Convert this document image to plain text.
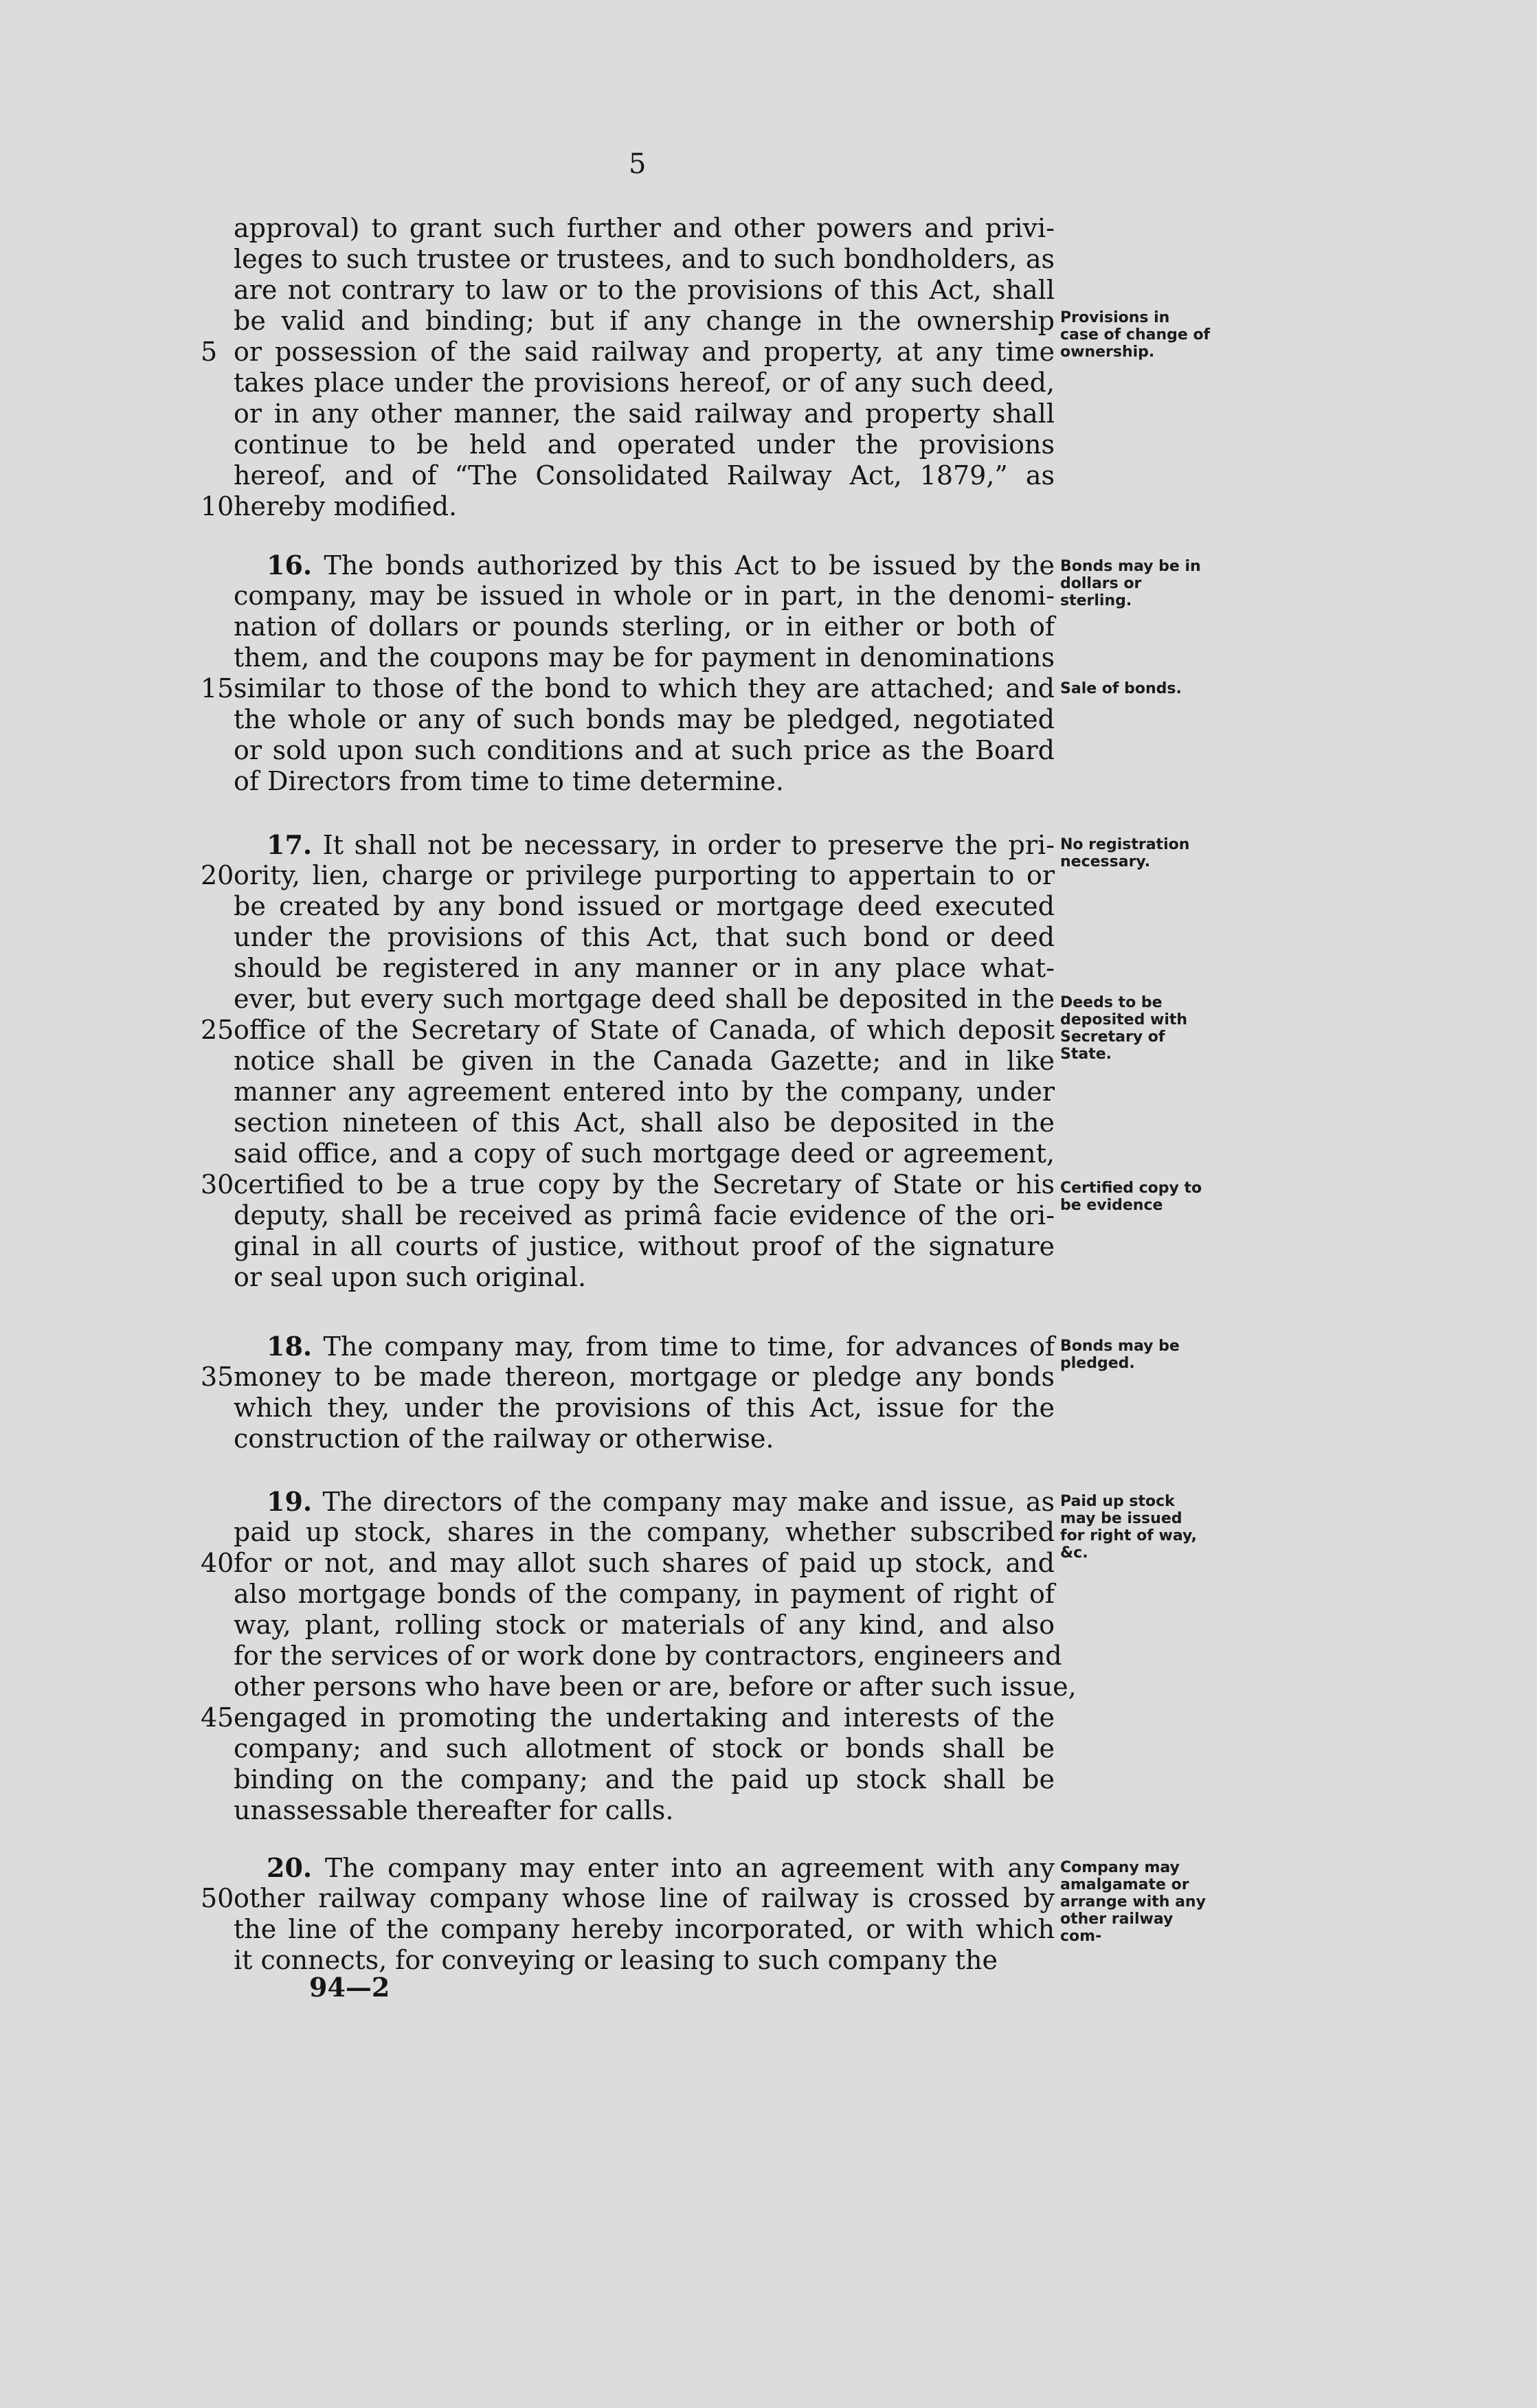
5
approval) to grant such further and other powers and privi-
leges to such trustee or trustees, and to such bondholders, as
are not contrary to law or to the provisions of this Act, shall
be valid and binding; but if any change in the ownership
5 or possession of the said railway and property, at any time
takes place under the provisions hereof, or of any such deed,
or in any other manner, the said railway and property shall
continue to be held and operated under the provisions
hereof, and of “The Consolidated Railway Act, 1879,” as
10 hereby modified.
16. The bonds authorized by this Act to be issued by the
company, may be issued in whole or in part, in the denomi-
nation of dollars or pounds sterling, or in either or both of
them, and the coupons may be for payment in denominations
15 similar to those of the bond to which they are attached; and
the whole or any of such bonds may be pledged, negotiated
or sold upon such conditions and at such price as the Board
of Directors from time to time determine.
17. It shall not be necessary, in order to preserve the pri-
20 ority, lien, charge or privilege purporting to appertain to or
be created by any bond issued or mortgage deed executed
under the provisions of this Act, that such bond or deed
should be registered in any manner or in any place what-
ever, but every such mortgage deed shall be deposited in the
25 office of the Secretary of State of Canada, of which deposit
notice shall be given in the Canada Gazette; and in like
manner any agreement entered into by the company, under
section nineteen of this Act, shall also be deposited in the
said office, and a copy of such mortgage deed or agreement,
30 certified to be a true copy by the Secretary of State or his
deputy, shall be received as primâ facie evidence of the ori-
ginal in all courts of justice, without proof of the signature
or seal upon such original.
18. The company may, from time to time, for advances of
35 money to be made thereon, mortgage or pledge any bonds
which they, under the provisions of this Act, issue for the
construction of the railway or otherwise.
19. The directors of the company may make and issue, as
paid up stock, shares in the company, whether subscribed
40 for or not, and may allot such shares of paid up stock, and
also mortgage bonds of the company, in payment of right of
way, plant, rolling stock or materials of any kind, and also
for the services of or work done by contractors, engineers and
other persons who have been or are, before or after such issue,
45 engaged in promoting the undertaking and interests of the
company; and such allotment of stock or bonds shall be
binding on the company; and the paid up stock shall be
unassessable thereafter for calls.
20. The company may enter into an agreement with any
50 other railway company whose line of railway is crossed by
the line of the company hereby incorporated, or with which
it connects, for conveying or leasing to such company the
Provisions in case of change of ownership.
Bonds may be in dollars or sterling.
Sale of bonds.
No registration necessary.
Deeds to be deposited with Secretary of State.
Certified copy to be evidence
Bonds may be pledged.
Paid up stock may be issued for right of way, &c.
Company may amalgamate or arrange with any other railway com-
94—2
